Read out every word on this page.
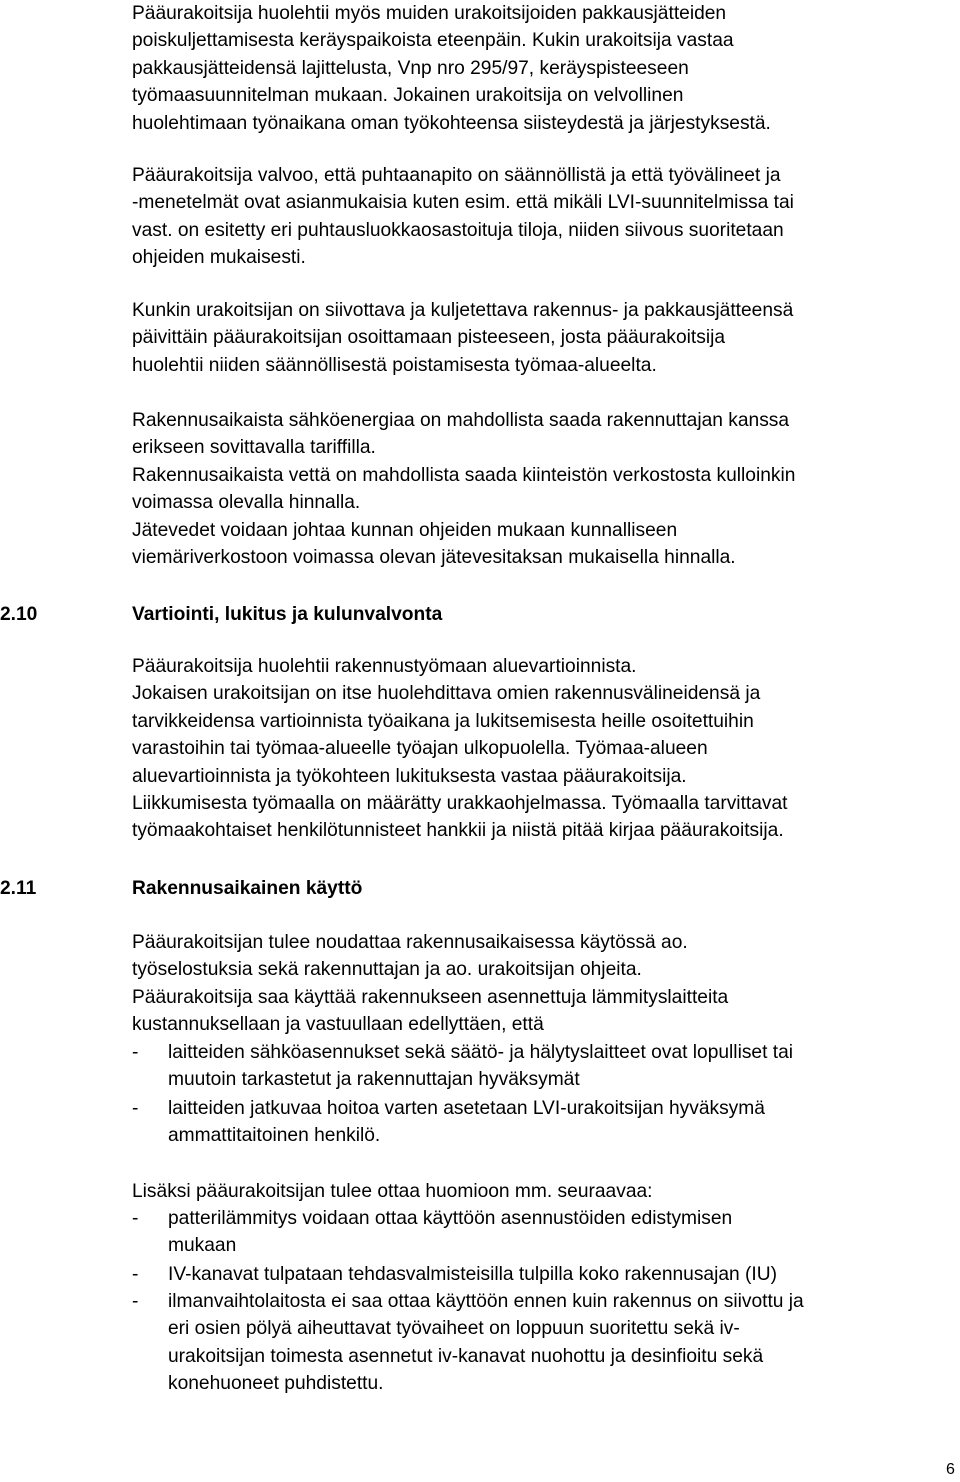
Pääurakoitsija huolehtii myös muiden urakoitsijoiden pakkausjätteiden
poiskuljettamisesta keräyspaikoista eteenpäin. Kukin urakoitsija vastaa
pakkausjätteidensä lajittelusta, Vnp nro 295/97, keräyspisteeseen
työmaasuunnitelman mukaan. Jokainen urakoitsija on velvollinen
huolehtimaan työnaikana oman työkohteensa siisteydestä ja järjestyksestä.
Pääurakoitsija valvoo, että puhtaanapito on säännöllistä ja että työvälineet ja
-menetelmät ovat asianmukaisia kuten esim. että mikäli LVI-suunnitelmissa tai
vast. on esitetty eri puhtausluokkaosastoituja tiloja, niiden siivous suoritetaan
ohjeiden mukaisesti.
Kunkin urakoitsijan on siivottava ja kuljetettava rakennus- ja pakkausjätteensä
päivittäin pääurakoitsijan osoittamaan pisteeseen, josta pääurakoitsija
huolehtii niiden säännöllisestä poistamisesta työmaa-alueelta.
Rakennusaikaista sähköenergiaa on mahdollista saada rakennuttajan kanssa
erikseen sovittavalla tariffilla.
Rakennusaikaista vettä on mahdollista saada kiinteistön verkostosta kulloinkin
voimassa olevalla hinnalla.
Jätevedet voidaan johtaa kunnan ohjeiden mukaan kunnalliseen
viemäriverkostoon voimassa olevan jätevesitaksan mukaisella hinnalla.
2.10	Vartiointi, lukitus ja kulunvalvonta
Pääurakoitsija huolehtii rakennustyömaan aluevartioinnista.
Jokaisen urakoitsijan on itse huolehdittava omien rakennusvälineidensä ja
tarvikkeidensa vartioinnista työaikana ja lukitsemisesta heille osoitettuihin
varastoihin tai työmaa-alueelle työajan ulkopuolella. Työmaa-alueen
aluevartioinnista ja työkohteen lukituksesta vastaa pääurakoitsija.
Liikkumisesta työmaalla on määrätty urakkaohjelmassa. Työmaalla tarvittavat
työmaakohtaiset henkilötunnisteet hankkii ja niistä pitää kirjaa pääurakoitsija.
2.11	Rakennusaikainen käyttö
Pääurakoitsijan tulee noudattaa rakennusaikaisessa käytössä ao.
työselostuksia sekä rakennuttajan ja ao. urakoitsijan ohjeita.
Pääurakoitsija saa käyttää rakennukseen asennettuja lämmityslaitteita
kustannuksellaan ja vastuullaan edellyttäen, että
- laitteiden sähköasennukset sekä säätö- ja hälytyslaitteet ovat lopulliset tai
muutoin tarkastetut ja rakennuttajan hyväksymät
- laitteiden jatkuvaa hoitoa varten asetetaan LVI-urakoitsijan hyväksymä
ammattitaitoinen henkilö.
Lisäksi pääurakoitsijan tulee ottaa huomioon mm. seuraavaa:
- patterilämmitys voidaan ottaa käyttöön asennustöiden edistymisen
mukaan
- IV-kanavat tulpataan tehdasvalmisteisilla tulpilla koko rakennusajan (IU)
- ilmanvaihtolaitosta ei saa ottaa käyttöön ennen kuin rakennus on siivottu ja
eri osien pölyä aiheuttavat työvaiheet on loppuun suoritettu sekä iv-
urakoitsijan toimesta asennetut iv-kanavat nuohottu ja desinfioitu sekä
konehuoneet puhdistettu.
6
